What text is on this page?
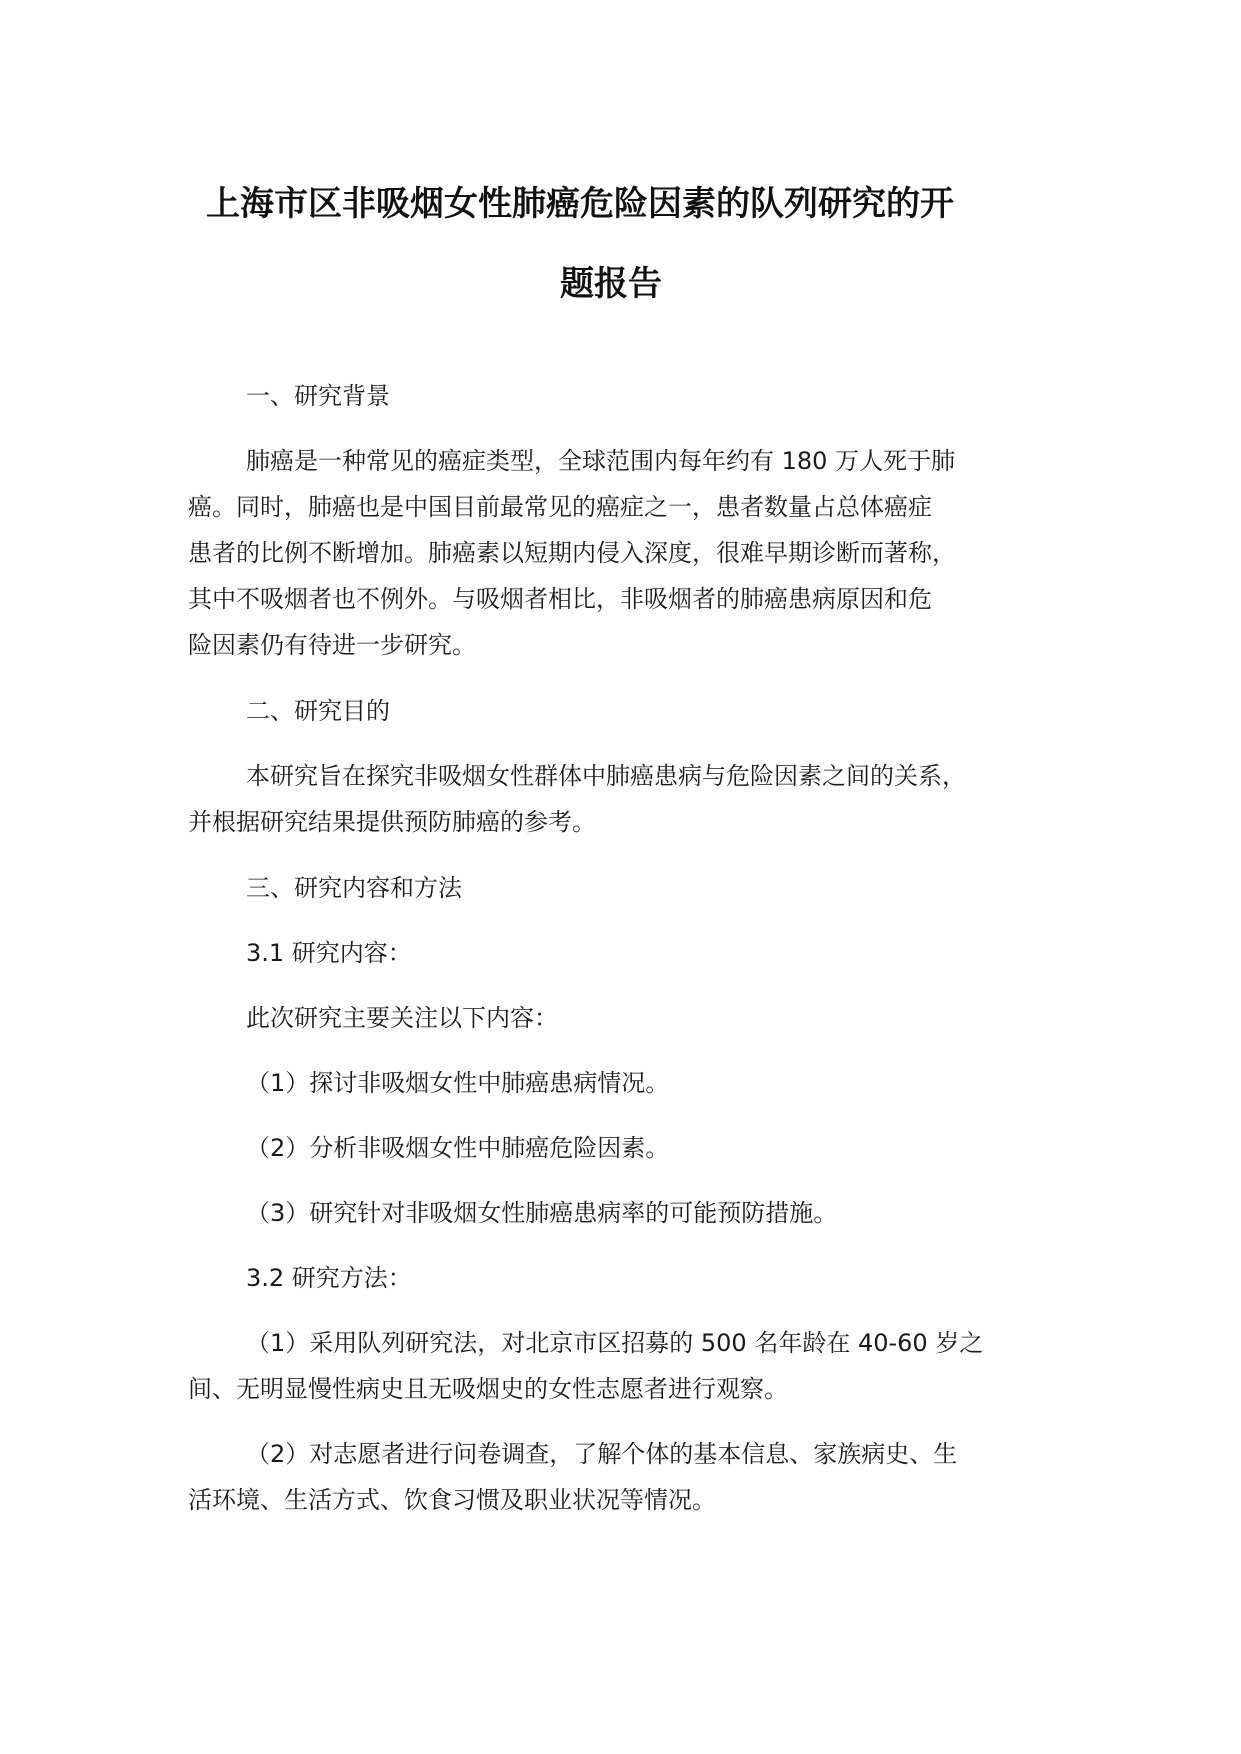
上海市区非吸烟女性肺癌危险因素的队列研究的开
题报告
一、研究背景
肺癌是一种常见的癌症类型，全球范围内每年约有 180 万人死于肺
癌。同时，肺癌也是中国目前最常见的癌症之一，患者数量占总体癌症
患者的比例不断增加。肺癌素以短期内侵入深度，很难早期诊断而著称，
其中不吸烟者也不例外。与吸烟者相比，非吸烟者的肺癌患病原因和危
险因素仍有待进一步研究。
二、研究目的
本研究旨在探究非吸烟女性群体中肺癌患病与危险因素之间的关系，
并根据研究结果提供预防肺癌的参考。
三、研究内容和方法
3.1 研究内容：
此次研究主要关注以下内容：
（1）探讨非吸烟女性中肺癌患病情况。
（2）分析非吸烟女性中肺癌危险因素。
（3）研究针对非吸烟女性肺癌患病率的可能预防措施。
3.2 研究方法：
（1）采用队列研究法，对北京市区招募的 500 名年龄在 40-60 岁之
间、无明显慢性病史且无吸烟史的女性志愿者进行观察。
（2）对志愿者进行问卷调查，了解个体的基本信息、家族病史、生
活环境、生活方式、饮食习惯及职业状况等情况。
